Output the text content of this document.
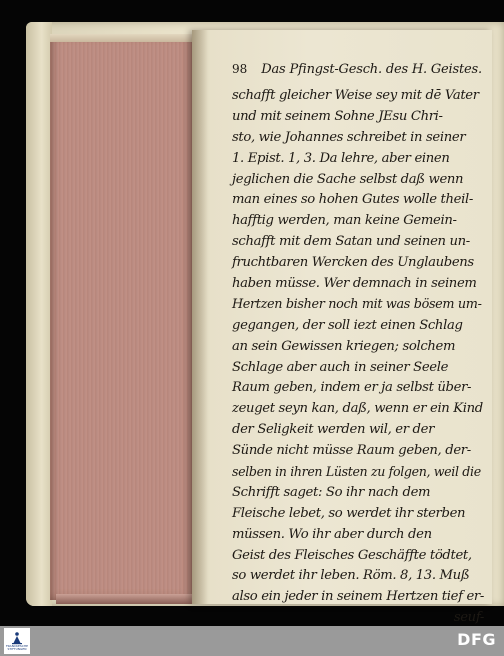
98 Das Pfingst-Gesch. des H. Geistes.
schafft gleicher Weise sey mit dē Vater
und mit seinem Sohne JEsu Chri-
sto, wie Johannes schreibet in seiner
1. Epist. 1, 3. Da lehre, aber einen
jeglichen die Sache selbst daß wenn
man eines so hohen Gutes wolle theil-
hafftig werden, man keine Gemein-
schafft mit dem Satan und seinen un-
fruchtbaren Wercken des Unglaubens
haben müsse. Wer demnach in seinem
Hertzen bisher noch mit was bösem um-
gegangen, der soll iezt einen Schlag
an sein Gewissen kriegen; solchem
Schlage aber auch in seiner Seele
Raum geben, indem er ja selbst über-
zeuget seyn kan, daß, wenn er ein Kind
der Seligkeit werden wil, er der
Sünde nicht müsse Raum geben, der-
selben in ihren Lüsten zu folgen, weil die
Schrifft saget: So ihr nach dem
Fleische lebet, so werdet ihr sterben
müssen. Wo ihr aber durch den
Geist des Fleisches Geschäffte tödtet,
so werdet ihr leben. Röm. 8, 13. Muß
also ein jeder in seinem Hertzen tief er-
seuf-
FRANCKESCHE STIFTUNGEN	DFG
